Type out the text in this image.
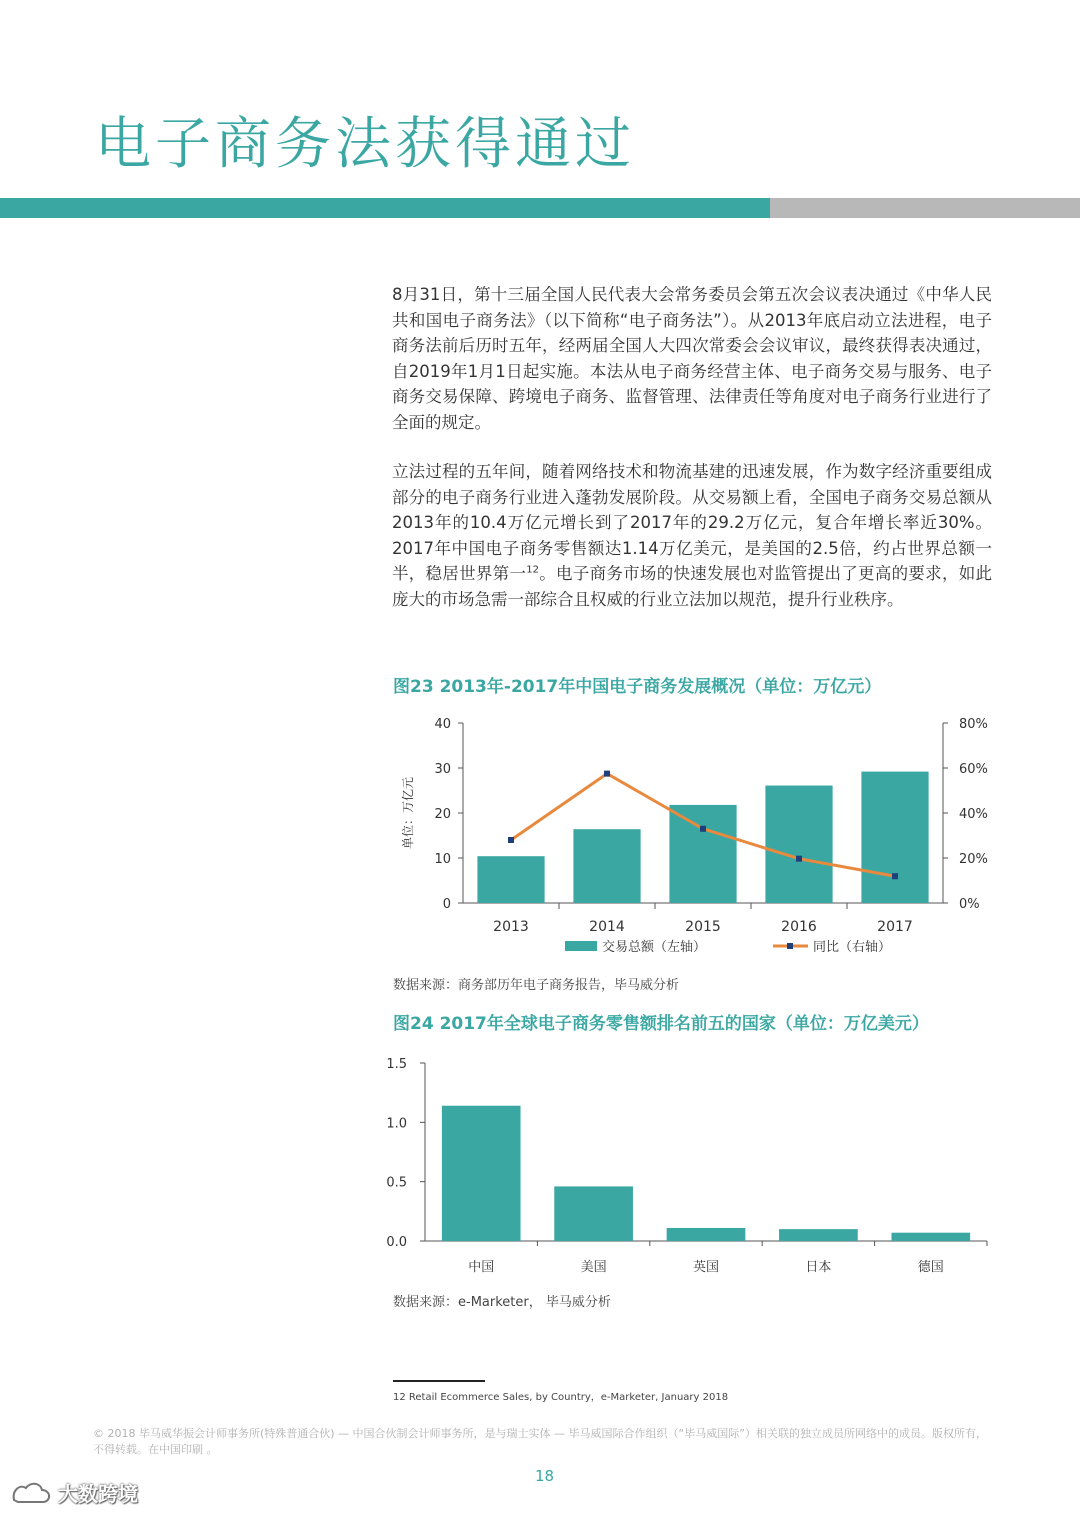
电子商务法获得通过

8月31日，第十三届全国人民代表大会常务委员会第五次会议表决通过《中华人民共和国电子商务法》（以下简称“电子商务法”）。从2013年底启动立法进程，电子商务法前后历时五年，经两届全国人大四次常委会会议审议，最终获得表决通过，自2019年1月1日起实施。本法从电子商务经营主体、电子商务交易与服务、电子商务交易保障、跨境电子商务、监督管理、法律责任等角度对电子商务行业进行了全面的规定。

立法过程的五年间，随着网络技术和物流基建的迅速发展，作为数字经济重要组成部分的电子商务行业进入蓬勃发展阶段。从交易额上看，全国电子商务交易总额从2013年的10.4万亿元增长到了2017年的29.2万亿元，复合年增长率近30%。2017年中国电子商务零售额达1.14万亿美元，是美国的2.5倍，约占世界总额一半，稳居世界第一$^{12}$。电子商务市场的快速发展也对监管提出了更高的要求，如此庞大的市场急需一部综合且权威的行业立法加以规范，提升行业秩序。

图23 2013年-2017年中国电子商务发展概况（单位：万亿元）
0
10
20
30
40
0%
20%
40%
60%
80%
单位：万亿元
2013	2014	2015	2016	2017
交易总额（左轴）	同比（右轴）
0.0
0.5
1.0
1.5
中国	美国	英国	日本	德国
数据来源：商务部历年电子商务报告，毕马威分析
图24 2017年全球电子商务零售额排名前五的国家（单位：万亿美元）
数据来源：e-Marketer， 毕马威分析
12 Retail Ecommerce Sales, by Country，e-Marketer, January 2018
© 2018 毕马威华振会计师事务所(特殊普通合伙) — 中国合伙制会计师事务所，是与瑞士实体 — 毕马威国际合作组织（“毕马威国际”）相关联的独立成员所网络中的成员。版权所有，不得转载。在中国印刷 。
18
大数跨境
